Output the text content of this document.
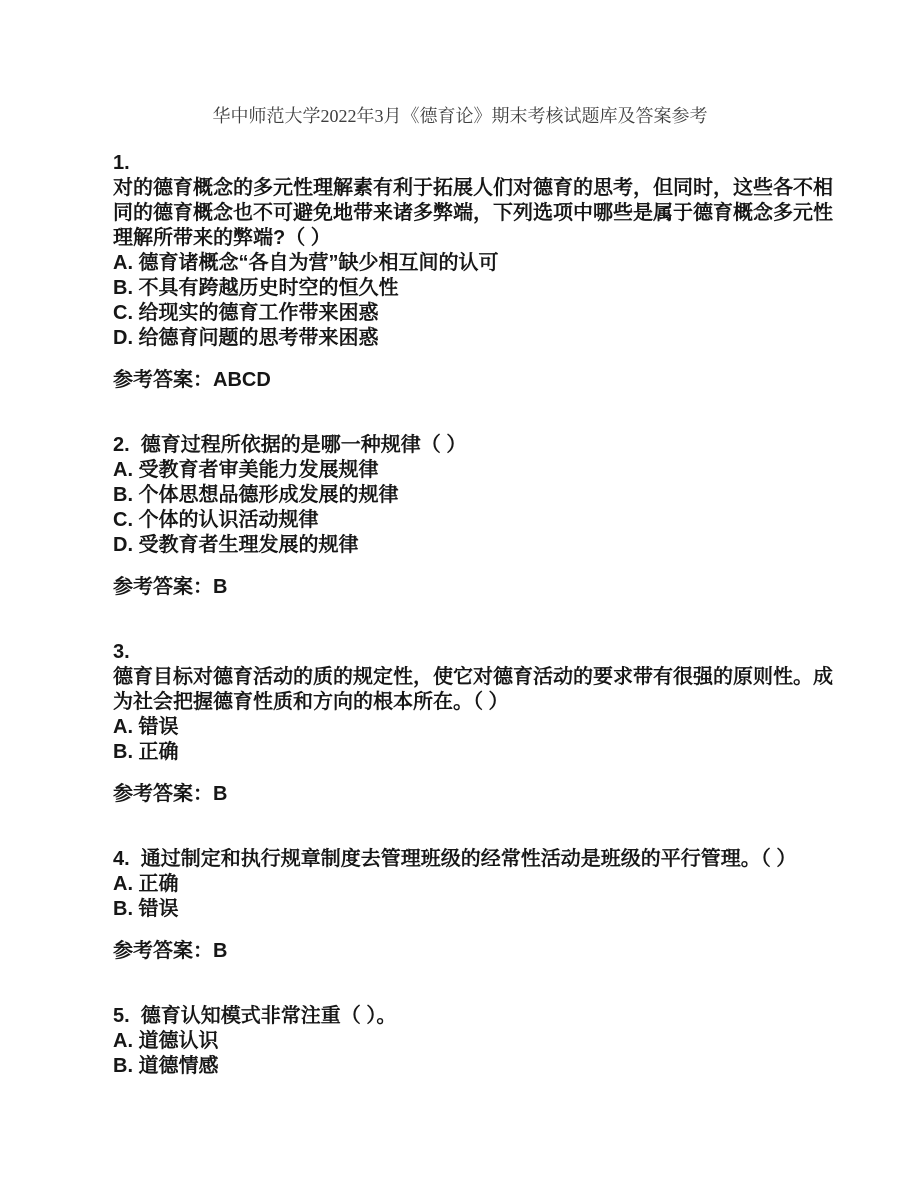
华中师范大学2022年3月《德育论》期末考核试题库及答案参考
1.
对的德育概念的多元性理解素有利于拓展人们对德育的思考，但同时，这些各不相同的德育概念也不可避免地带来诸多弊端，下列选项中哪些是属于德育概念多元性理解所带来的弊端?（ ）
A. 德育诸概念“各自为营”缺少相互间的认可
B. 不具有跨越历史时空的恒久性
C. 给现实的德育工作带来困惑
D. 给德育问题的思考带来困惑
参考答案：ABCD
2.  德育过程所依据的是哪一种规律（ ）
A. 受教育者审美能力发展规律
B. 个体思想品德形成发展的规律
C. 个体的认识活动规律
D. 受教育者生理发展的规律
参考答案：B
3.
德育目标对德育活动的质的规定性，使它对德育活动的要求带有很强的原则性。成为社会把握德育性质和方向的根本所在。（ ）
A. 错误
B. 正确
参考答案：B
4.  通过制定和执行规章制度去管理班级的经常性活动是班级的平行管理。（ ）
A. 正确
B. 错误
参考答案：B
5.  德育认知模式非常注重（ ）。
A. 道德认识
B. 道德情感
